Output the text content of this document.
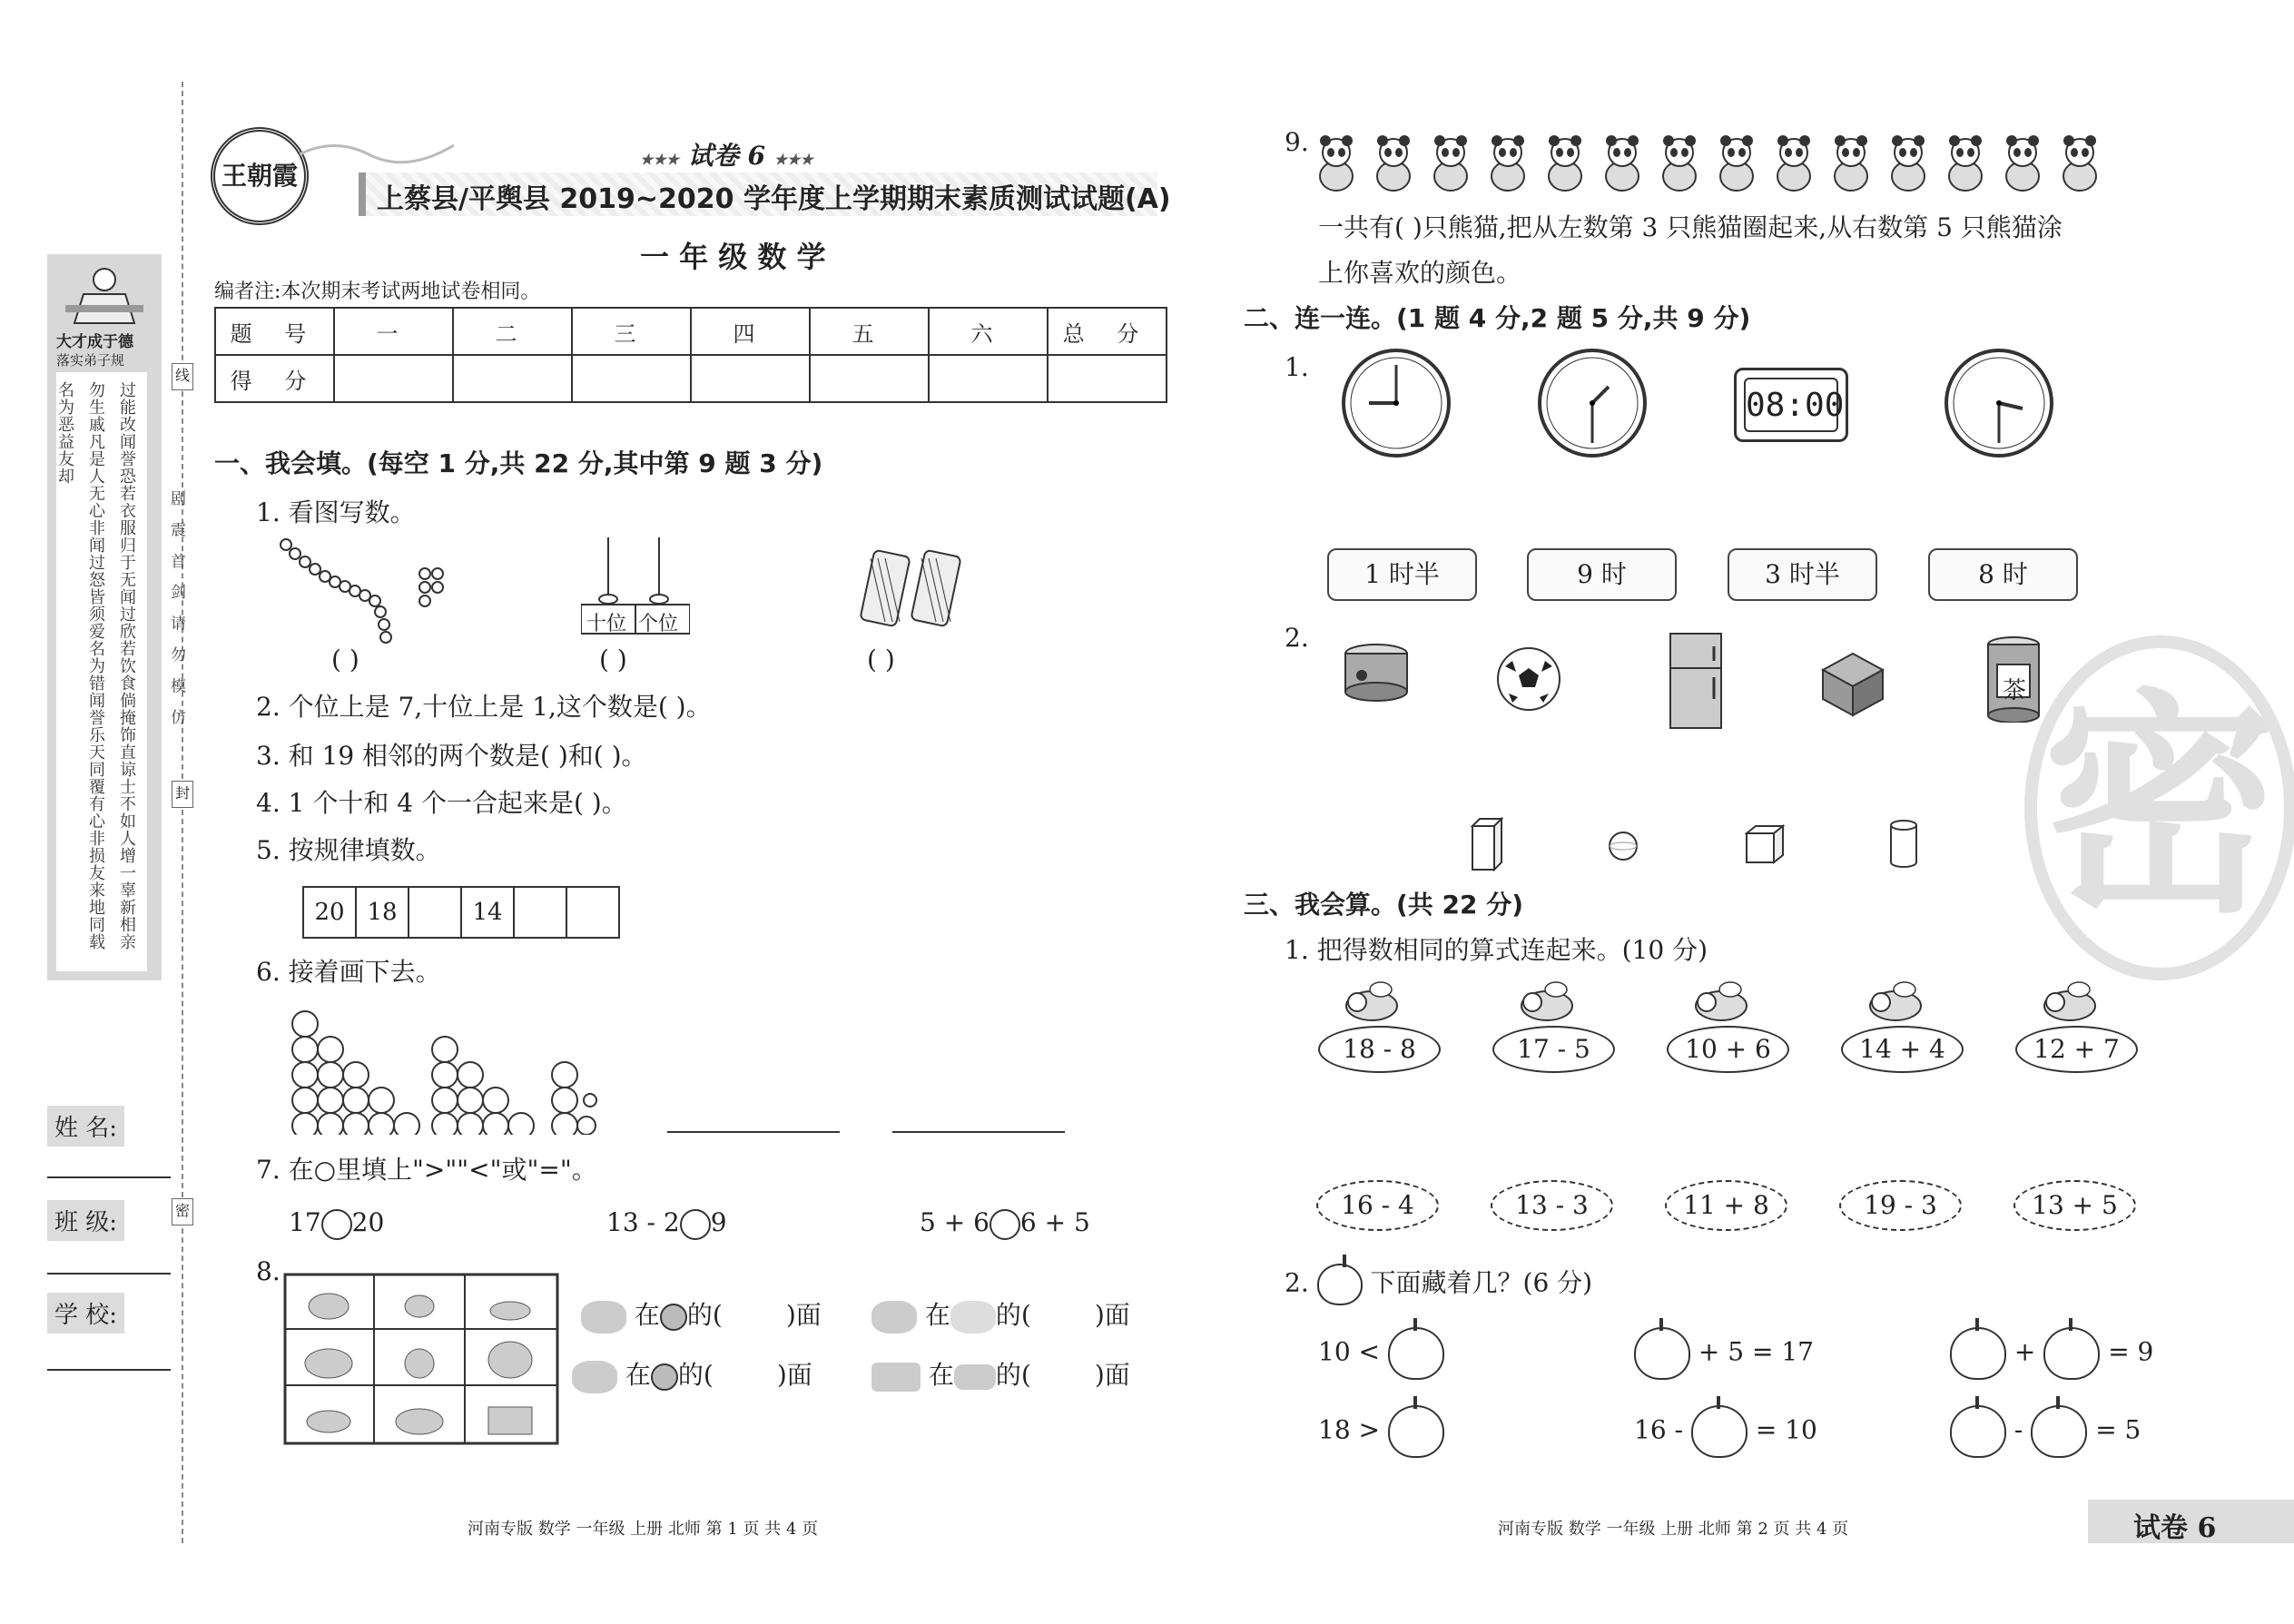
线
封
密
剧 震 首 剑 请 勿 模 仿
大才成于德
落实弟子规
过能改闻誉恐若衣服归于无闻过欣若饮食倘掩饰直谅士不如人增一辜新相亲勿生戚凡是人无心非闻过怒皆须爱名为错闻誉乐天同覆有心非损友来地同载名为恶益友却
姓 名:
班 级:
学 校:
王朝霞
★★★ 试卷 6 ★★★
上蔡县/平舆县 2019~2020 学年度上学期期末素质测试试题(A)
一 年 级 数 学
编者注:本次期末考试两地试卷相同。
题 号	一	二	三	四	五	六	总 分
得 分							
一、我会填。(每空 1 分,共 22 分,其中第 9 题 3 分)
1. 看图写数。
十位 个位
( )	( )	( )
2. 个位上是 7,十位上是 1,这个数是( )。
3. 和 19 相邻的两个数是( )和( )。
4. 1 个十和 4 个一合起来是( )。
5. 按规律填数。
20	18		14		
6. 接着画下去。
7. 在○里填上">""<"或"="。
17 20	13 - 2 9	5 + 6 6 + 5
8.
在 的(	)面	在 的(	)面
在 的(	)面	在 的(	)面
河南专版 数学 一年级 上册 北师 第 1 页 共 4 页
密
9.
一共有( )只熊猫,把从左数第 3 只熊猫圈起来,从右数第 5 只熊猫涂
上你喜欢的颜色。
二、连一连。(1 题 4 分,2 题 5 分,共 9 分)
1.
08:00
1 时半	9 时	3 时半	8 时
2.
茶
三、我会算。(共 22 分)
1. 把得数相同的算式连起来。(10 分)
18 - 8	17 - 5	10 + 6	14 + 4	12 + 7
16 - 4	13 - 3	11 + 8	19 - 3	13 + 5
2. 下面藏着几？(6 分)
10 <	+ 5 = 17	+	= 9
18 >	16 -	= 10	-	= 5
河南专版 数学 一年级 上册 北师 第 2 页 共 4 页	试卷 6
